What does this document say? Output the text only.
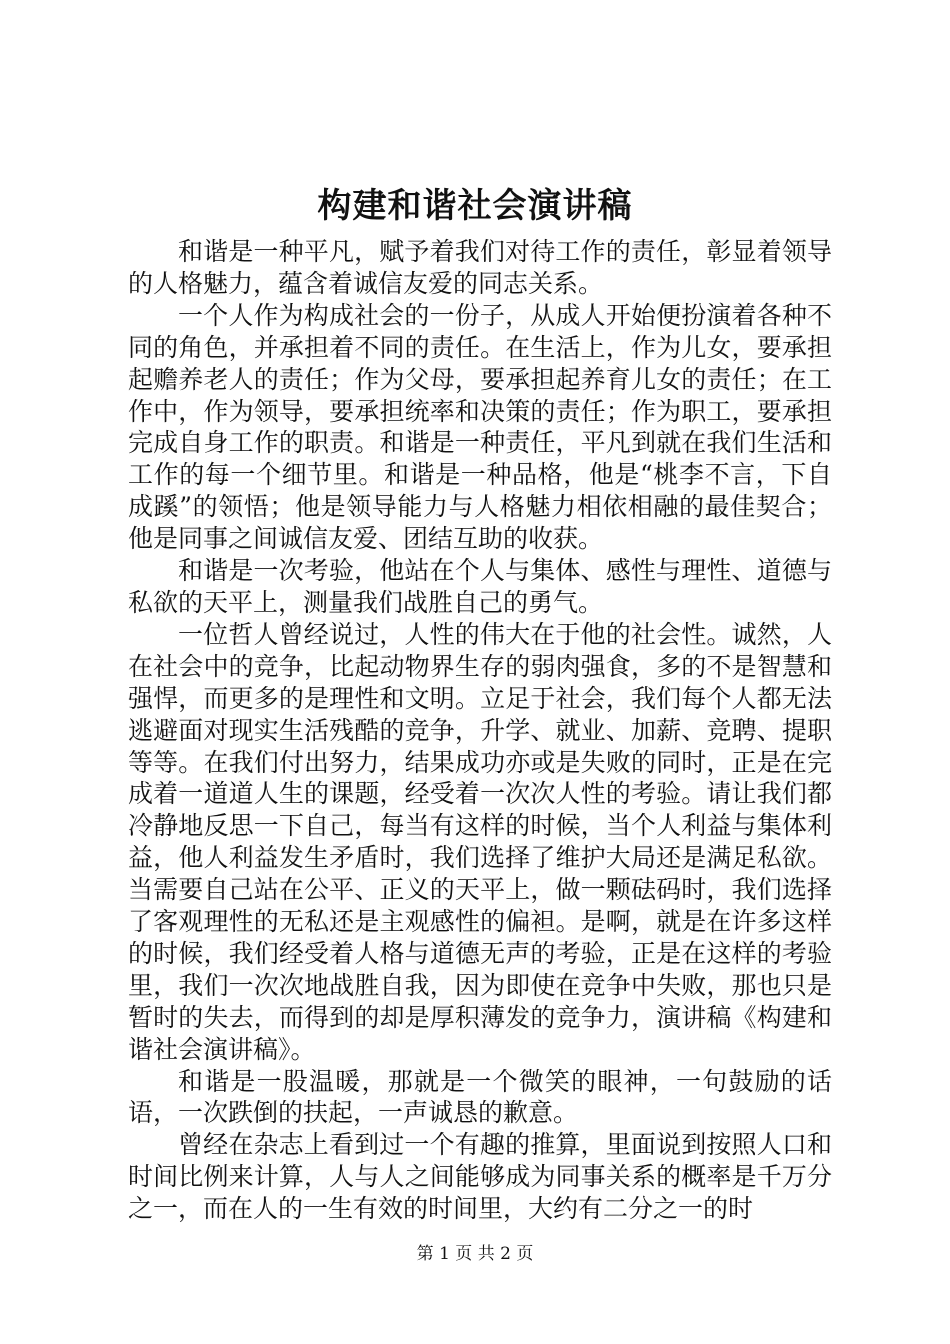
构建和谐社会演讲稿

和谐是一种平凡，赋予着我们对待工作的责任，彰显着领导的人格魅力，蕴含着诚信友爱的同志关系。

一个人作为构成社会的一份子，从成人开始便扮演着各种不同的角色，并承担着不同的责任。在生活上，作为儿女，要承担起赡养老人的责任；作为父母，要承担起养育儿女的责任；在工作中，作为领导，要承担统率和决策的责任；作为职工，要承担完成自身工作的职责。和谐是一种责任，平凡到就在我们生活和工作的每一个细节里。和谐是一种品格，他是“桃李不言，下自成蹊”的领悟；他是领导能力与人格魅力相依相融的最佳契合；他是同事之间诚信友爱、团结互助的收获。

和谐是一次考验，他站在个人与集体、感性与理性、道德与私欲的天平上，测量我们战胜自己的勇气。

一位哲人曾经说过，人性的伟大在于他的社会性。诚然，人在社会中的竞争，比起动物界生存的弱肉强食，多的不是智慧和强悍，而更多的是理性和文明。立足于社会，我们每个人都无法逃避面对现实生活残酷的竞争，升学、就业、加薪、竞聘、提职等等。在我们付出努力，结果成功亦或是失败的同时，正是在完成着一道道人生的课题，经受着一次次人性的考验。请让我们都冷静地反思一下自己，每当有这样的时候，当个人利益与集体利益，他人利益发生矛盾时，我们选择了维护大局还是满足私欲。当需要自己站在公平、正义的天平上，做一颗砝码时，我们选择了客观理性的无私还是主观感性的偏袒。是啊，就是在许多这样的时候，我们经受着人格与道德无声的考验，正是在这样的考验里，我们一次次地战胜自我，因为即使在竞争中失败，那也只是暂时的失去，而得到的却是厚积薄发的竞争力，演讲稿《构建和谐社会演讲稿》。

和谐是一股温暖，那就是一个微笑的眼神，一句鼓励的话语，一次跌倒的扶起，一声诚恳的歉意。

曾经在杂志上看到过一个有趣的推算，里面说到按照人口和时间比例来计算，人与人之间能够成为同事关系的概率是千万分之一，而在人的一生有效的时间里，大约有二分之一的时

第 1 页 共 2 页
